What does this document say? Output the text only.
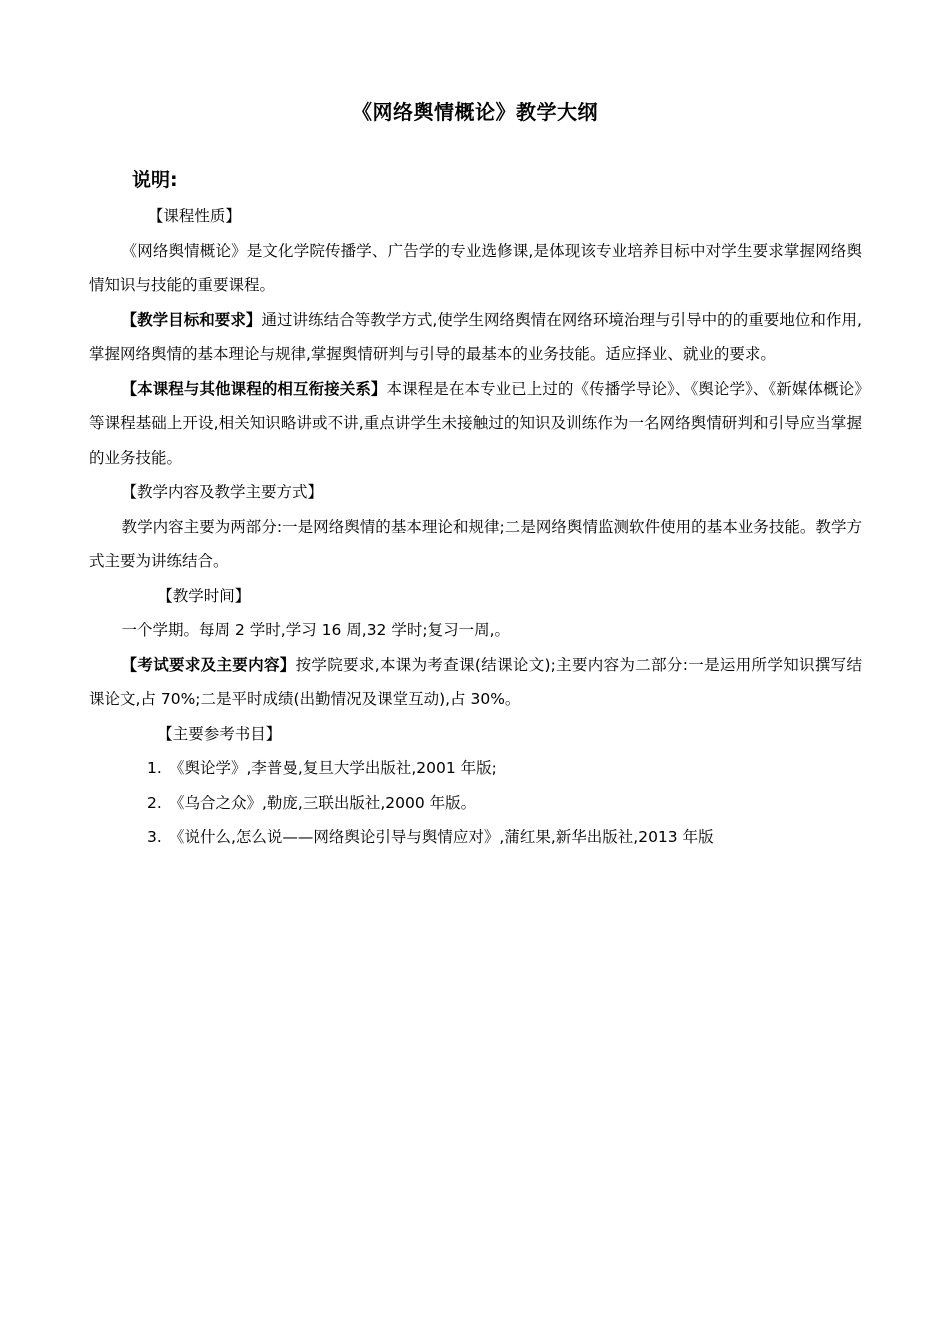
《网络舆情概论》教学大纲
说明:

【课程性质】

《网络舆情概论》是文化学院传播学、广告学的专业选修课,是体现该专业培养目标中对学生要求掌握网络舆情知识与技能的重要课程。

【教学目标和要求】通过讲练结合等教学方式,使学生网络舆情在网络环境治理与引导中的的重要地位和作用,掌握网络舆情的基本理论与规律,掌握舆情研判与引导的最基本的业务技能。适应择业、就业的要求。

【本课程与其他课程的相互衔接关系】本课程是在本专业已上过的《传播学导论》、《舆论学》、《新媒体概论》等课程基础上开设,相关知识略讲或不讲,重点讲学生未接触过的知识及训练作为一名网络舆情研判和引导应当掌握的业务技能。

【教学内容及教学主要方式】

教学内容主要为两部分:一是网络舆情的基本理论和规律;二是网络舆情监测软件使用的基本业务技能。教学方式主要为讲练结合。

【教学时间】

一个学期。每周 2 学时,学习 16 周,32 学时;复习一周,。

【考试要求及主要内容】按学院要求,本课为考查课(结课论文);主要内容为二部分:一是运用所学知识撰写结课论文,占 70%;二是平时成绩(出勤情况及课堂互动),占 30%。

【主要参考书目】

1. 《舆论学》,李普曼,复旦大学出版社,2001 年版;
2. 《乌合之众》,勒庞,三联出版社,2000 年版。
3. 《说什么,怎么说——网络舆论引导与舆情应对》,蒲红果,新华出版社,2013 年版
